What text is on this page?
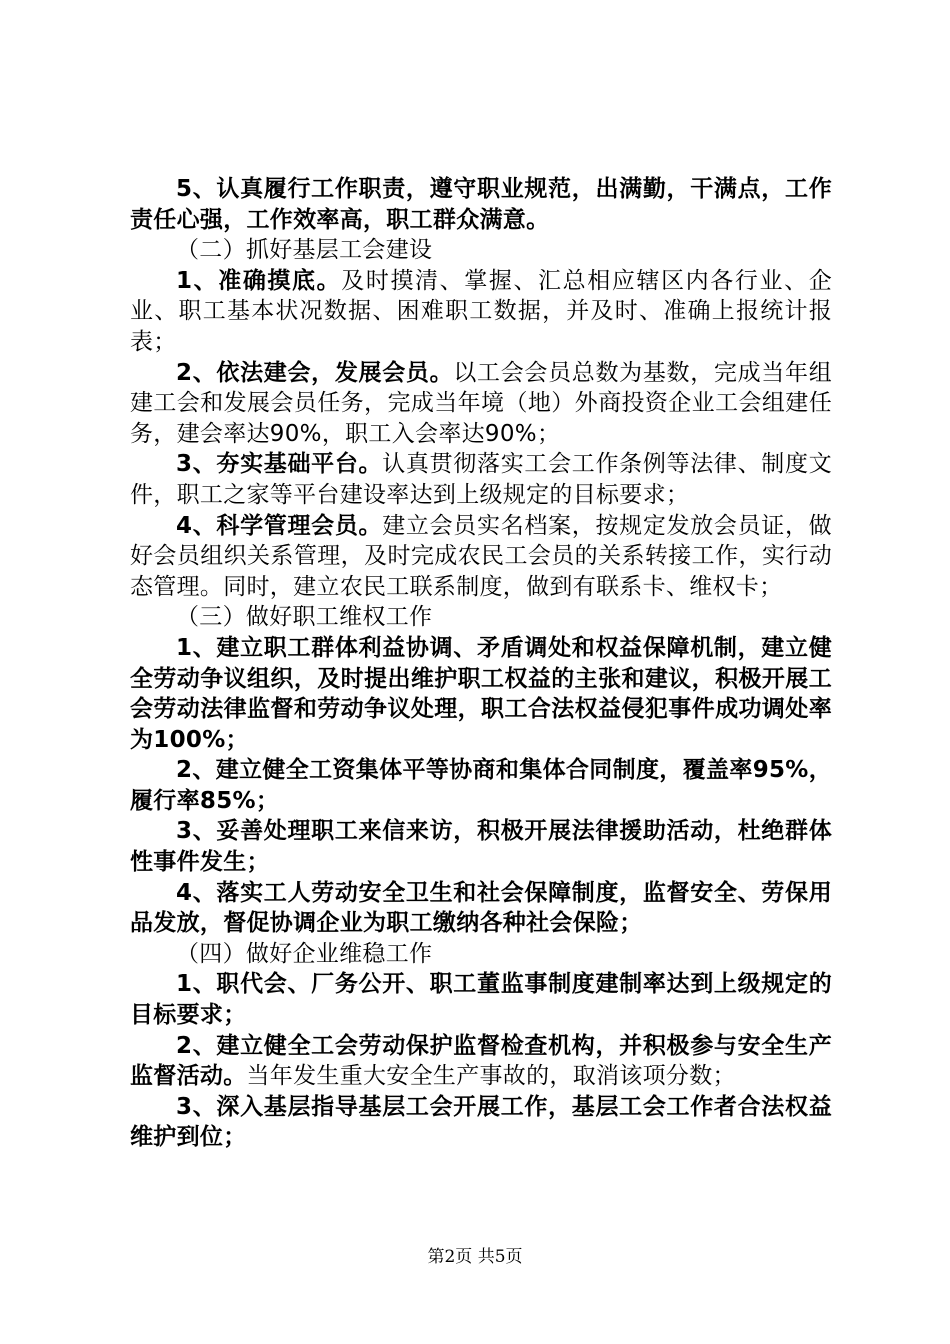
5、认真履行工作职责，遵守职业规范，出满勤，干满点，工作责任心强，工作效率高，职工群众满意。

（二）抓好基层工会建设

1、准确摸底。及时摸清、掌握、汇总相应辖区内各行业、企业、职工基本状况数据、困难职工数据，并及时、准确上报统计报表；

2、依法建会，发展会员。以工会会员总数为基数，完成当年组建工会和发展会员任务，完成当年境（地）外商投资企业工会组建任务，建会率达90%，职工入会率达90%；

3、夯实基础平台。认真贯彻落实工会工作条例等法律、制度文件，职工之家等平台建设率达到上级规定的目标要求；

4、科学管理会员。建立会员实名档案，按规定发放会员证，做好会员组织关系管理，及时完成农民工会员的关系转接工作，实行动态管理。同时，建立农民工联系制度，做到有联系卡、维权卡；

（三）做好职工维权工作

1、建立职工群体利益协调、矛盾调处和权益保障机制，建立健全劳动争议组织，及时提出维护职工权益的主张和建议，积极开展工会劳动法律监督和劳动争议处理，职工合法权益侵犯事件成功调处率为100%；

2、建立健全工资集体平等协商和集体合同制度，覆盖率95%，履行率85%；

3、妥善处理职工来信来访，积极开展法律援助活动，杜绝群体性事件发生；

4、落实工人劳动安全卫生和社会保障制度，监督安全、劳保用品发放，督促协调企业为职工缴纳各种社会保险；

（四）做好企业维稳工作

1、职代会、厂务公开、职工董监事制度建制率达到上级规定的目标要求；

2、建立健全工会劳动保护监督检查机构，并积极参与安全生产监督活动。当年发生重大安全生产事故的，取消该项分数；

3、深入基层指导基层工会开展工作，基层工会工作者合法权益维护到位；

第2页 共5页
